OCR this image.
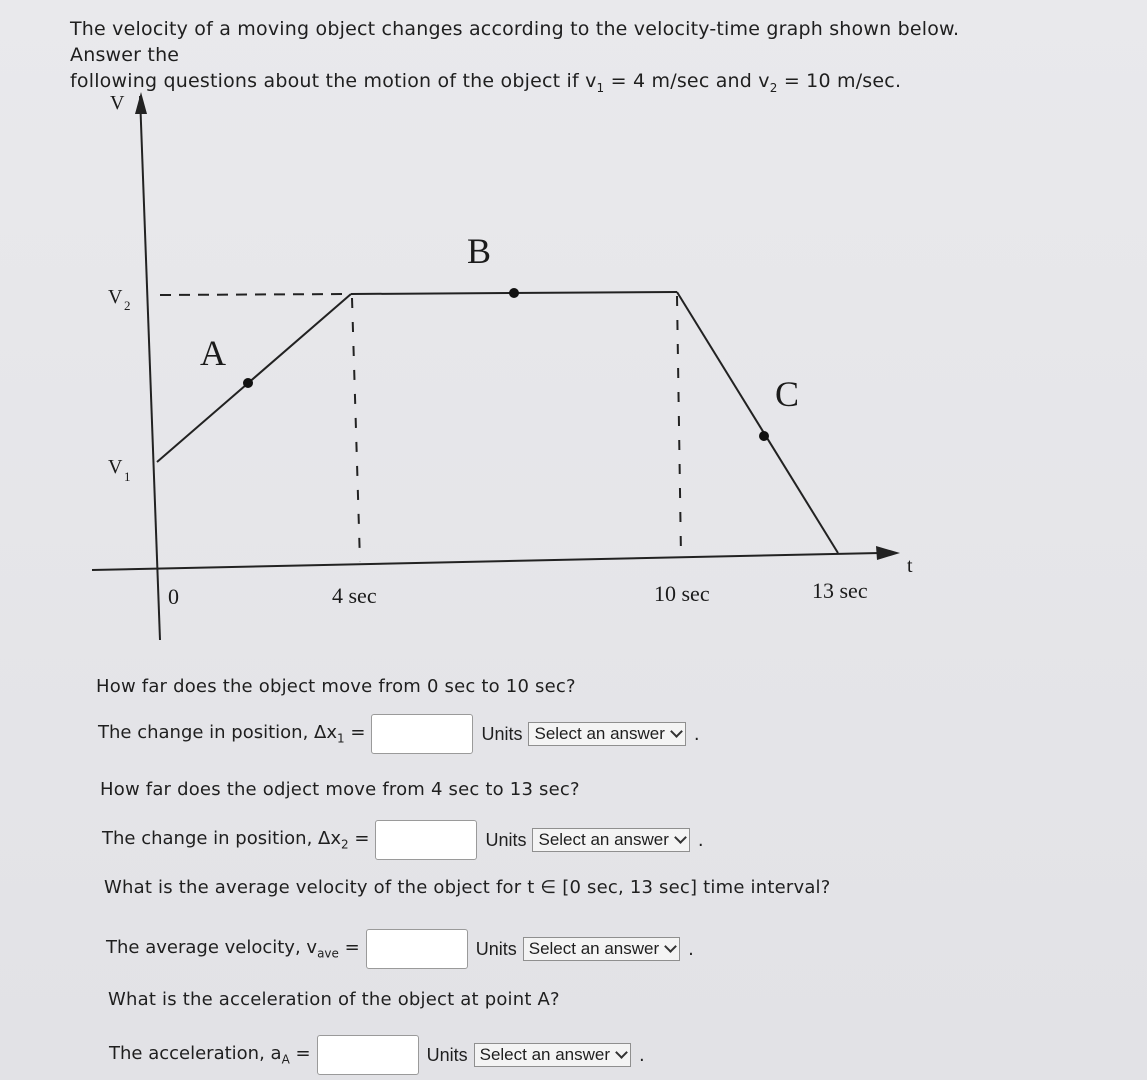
The velocity of a moving object changes according to the velocity-time graph shown below. Answer the
following questions about the motion of the object if $v_1 = 4$ m/sec and $v_2 = 10$ m/sec.
V
t
V 2
V 1
A
B
C
0	4 sec	10 sec	13 sec
How far does the object move from 0 sec to 10 sec?
The change in position, $\Delta x_1$ =	Units Select an answer .
How far does the odject move from 4 sec to 13 sec?
The change in position, $\Delta x_2$ =	Units Select an answer .
What is the average velocity of the object for t ∈ [0 sec, 13 sec] time interval?
The average velocity, $v_{ave}$ =	Units Select an answer .
What is the acceleration of the object at point A?
The acceleration, $a_A$ =	Units Select an answer .
